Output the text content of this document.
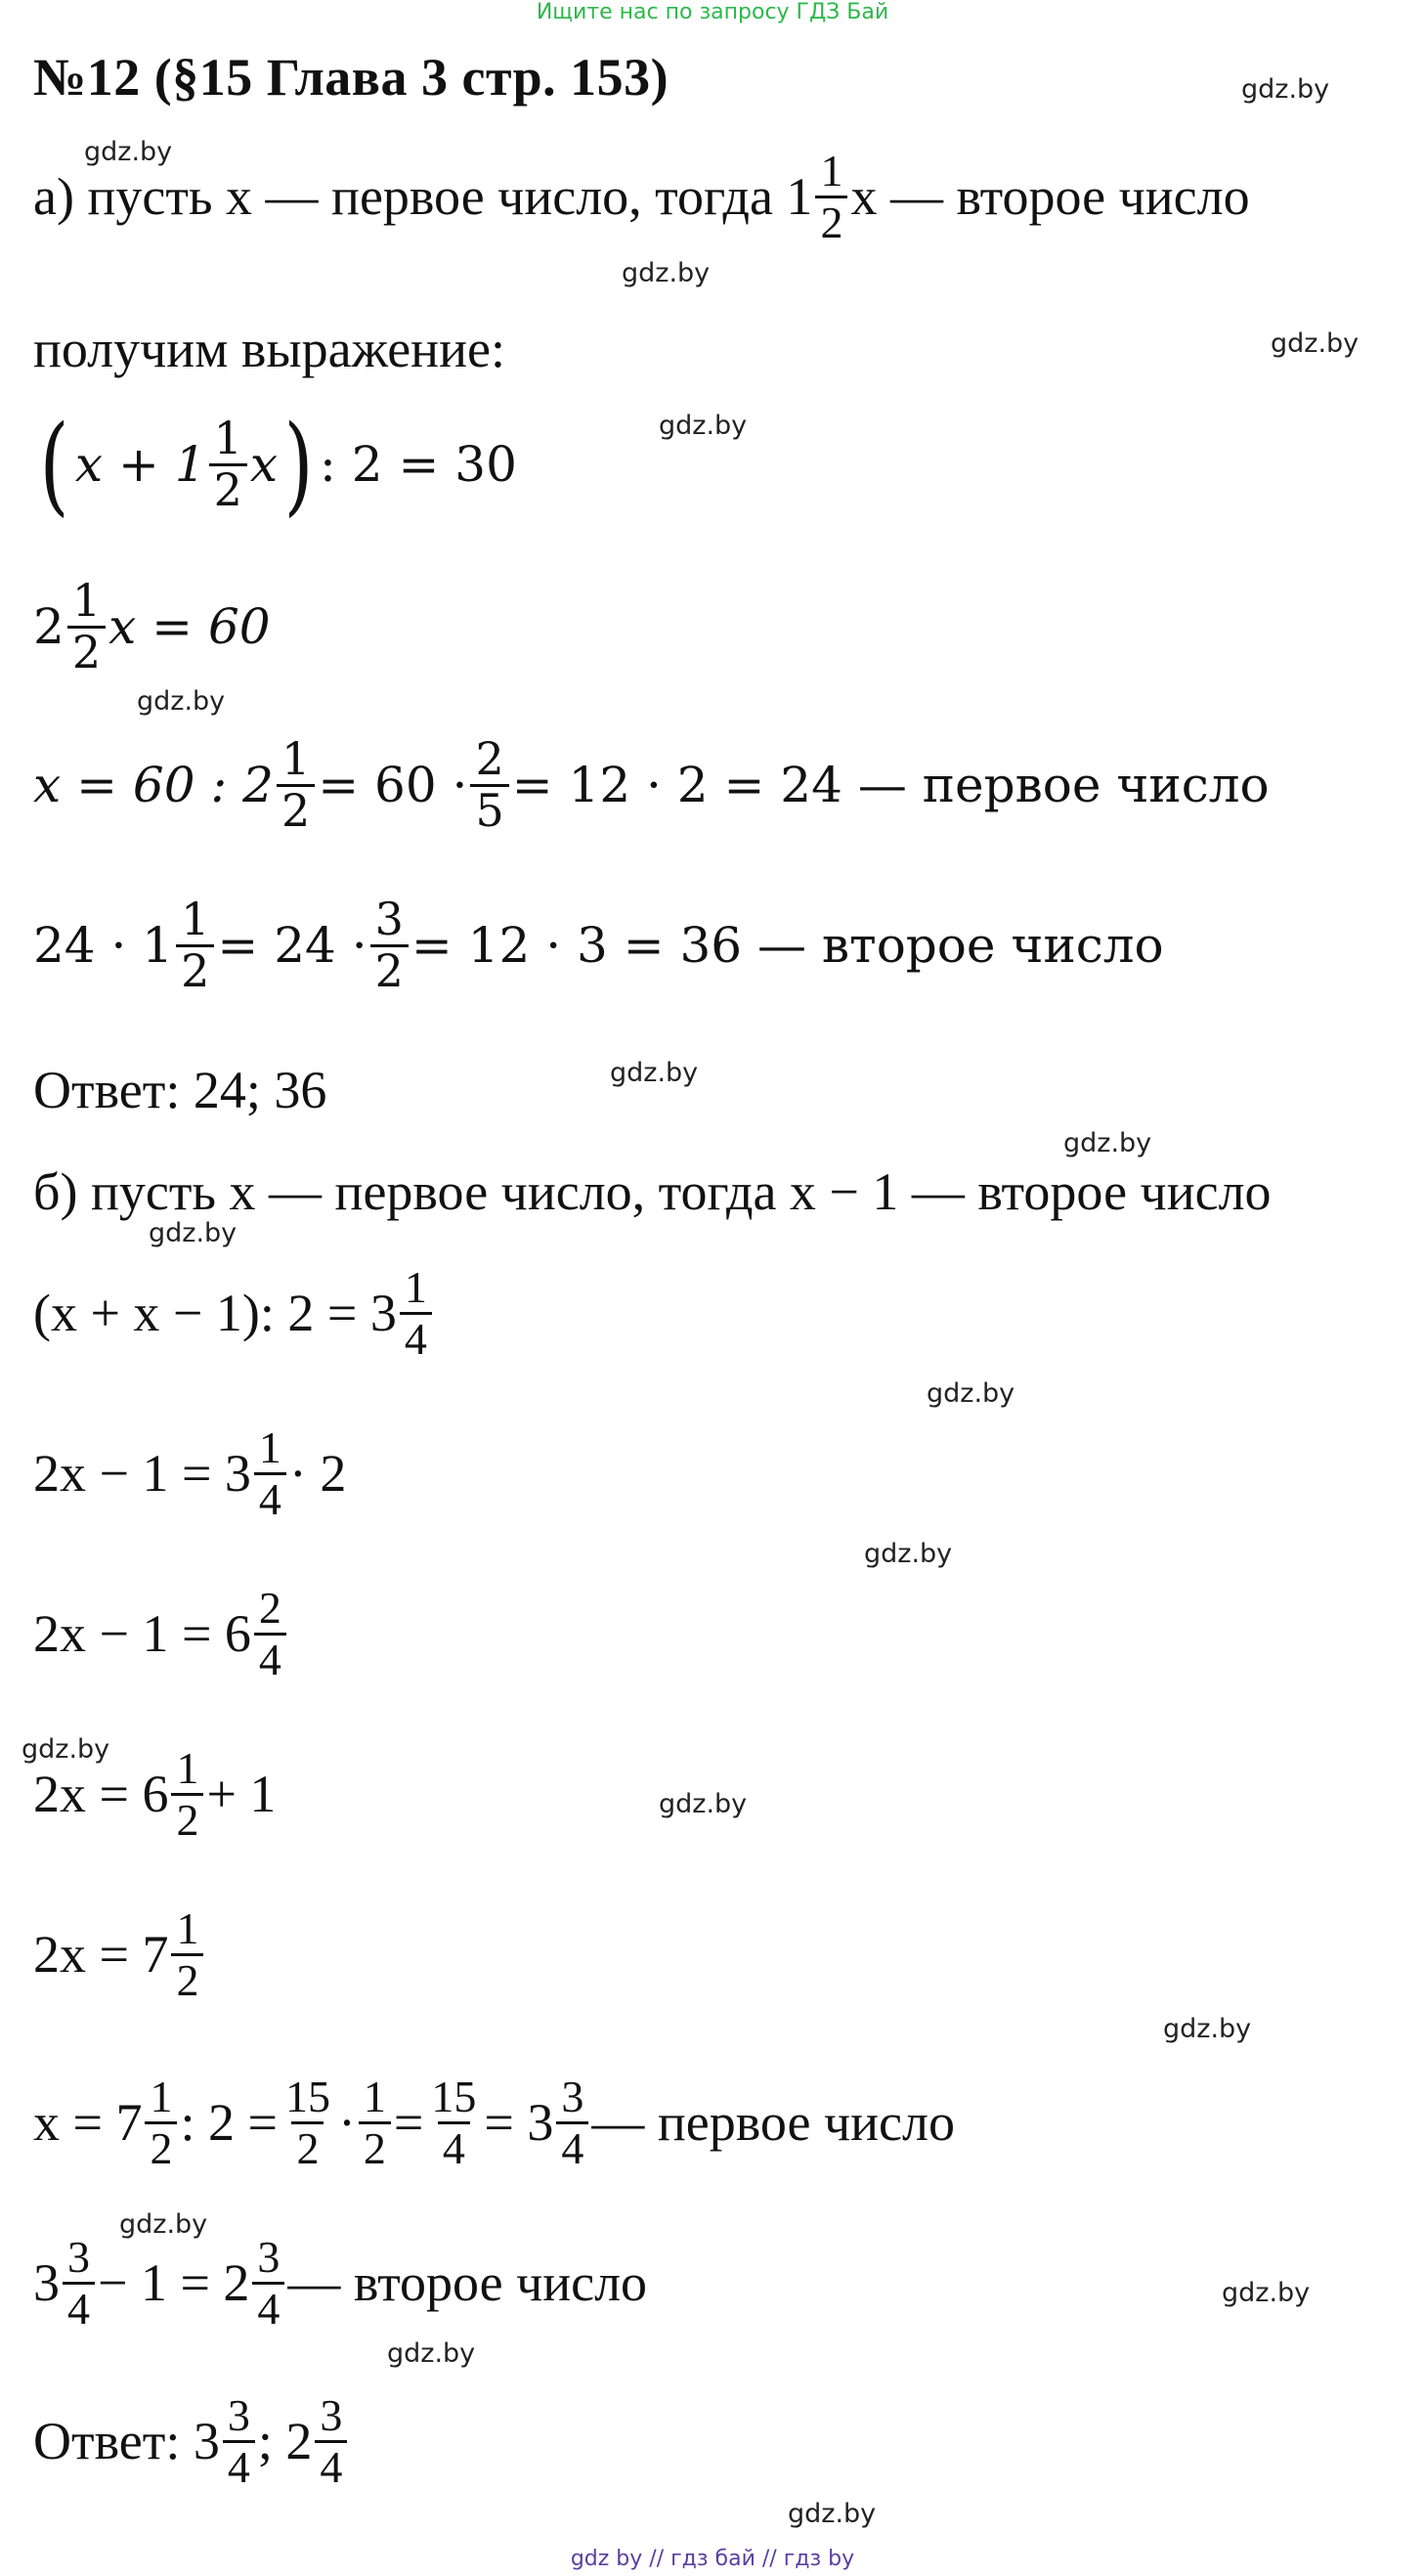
Ищите нас по запросу ГДЗ Бай
№12 (§15 Глава 3 стр. 153)	gdz.by
gdz.by
gdz.by
gdz.by
gdz.by
gdz.by
gdz.by
gdz.by
gdz.by
gdz.by
gdz.by
gdz.by
gdz.by
gdz.by
gdz.by
gdz.by
gdz.by
gdz.by
а) пусть х — первое число, тогда $1 \frac{1}{2}$ х — второе число
получим выражение:
( $x + 1 \frac{1}{2}$ x ) : 2 = 30
$2 \frac{1}{2}$ x = 60
x = 60 : $2 \frac{1}{2} = 60 \cdot \frac{2}{5} = 12 \cdot 2 = 24$ — первое число
$24 \cdot 1 \frac{1}{2} = 24 \cdot \frac{3}{2} = 12 \cdot 3 = 36$ — второе число
Ответ: 24; 36
б) пусть х — первое число, тогда х − 1 — второе число
(х + х − 1): $2 = 3 \frac{1}{4}$
$2х - 1 = 3 \frac{1}{4} \cdot 2$
$2х - 1 = 6 \frac{2}{4}$
$2х = 6 \frac{1}{2} + 1$
$2х = 7 \frac{1}{2}$
$х = 7 \frac{1}{2}$ : $2 = \frac{15}{2} \cdot \frac{1}{2} = \frac{15}{4} = 3 \frac{3}{4}$ — первое число
$3 \frac{3}{4} - 1 = 2 \frac{3}{4}$ — второе число
Ответ: $3 \frac{3}{4}$ ; $2 \frac{3}{4}$
gdz by // гдз бай // гдз by
